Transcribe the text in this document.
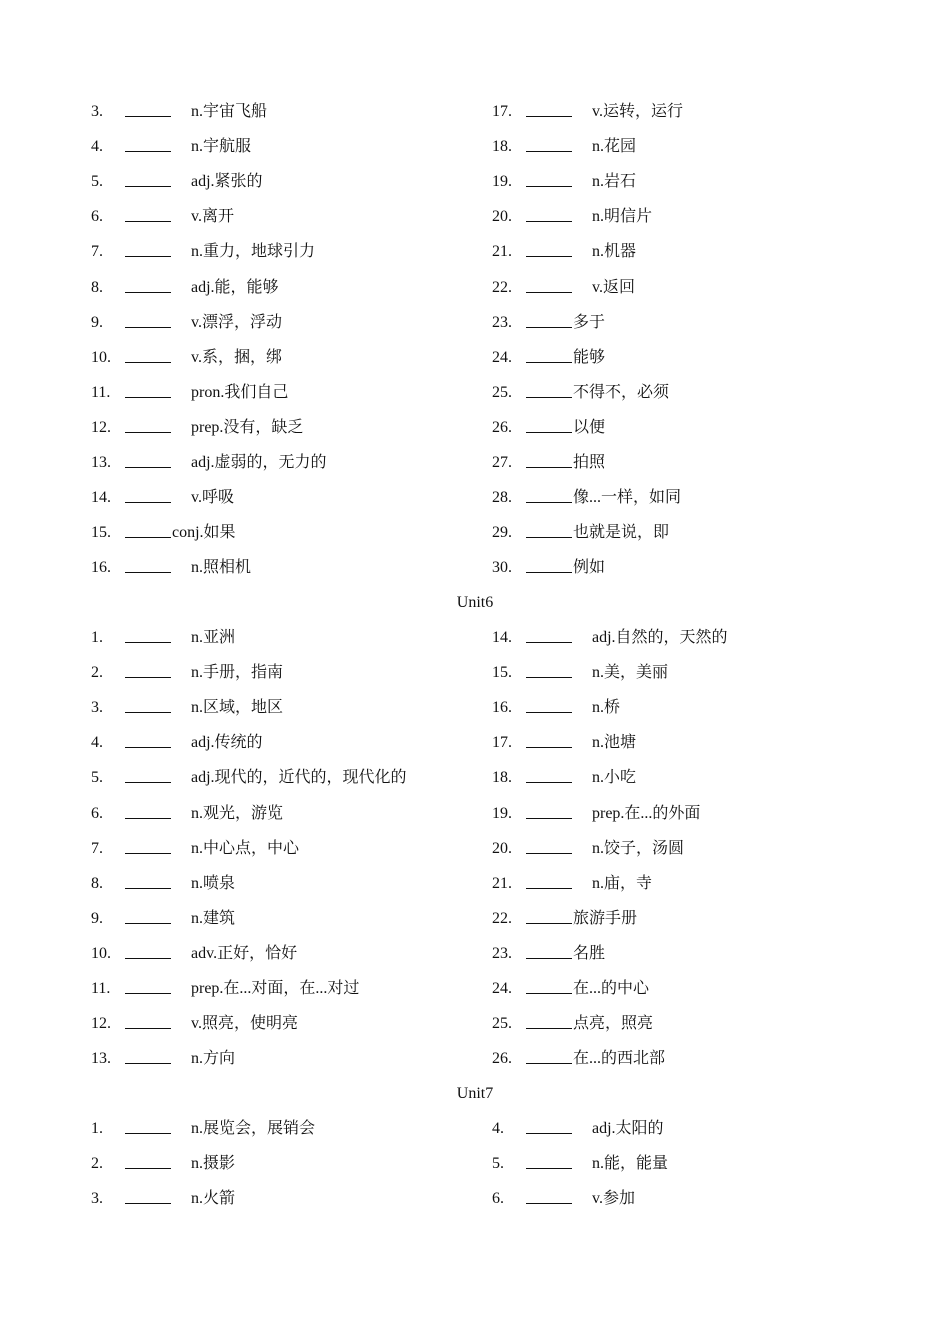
3.	n.宇宙飞船
4.	n.宇航服
5.	adj.紧张的
6.	v.离开
7.	n.重力，地球引力
8.	adj.能，能够
9.	v.漂浮，浮动
10.	v.系，捆，绑
11.	pron.我们自己
12.	prep.没有，缺乏
13.	adj.虚弱的，无力的
14.	v.呼吸
15.	conj.如果
16.	n.照相机
17.	v.运转，运行
18.	n.花园
19.	n.岩石
20.	n.明信片
21.	n.机器
22.	v.返回
23.	多于
24.	能够
25.	不得不，必须
26.	以便
27.	拍照
28.	像...一样，如同
29.	也就是说，即
30.	例如
Unit6
1.	n.亚洲
2.	n.手册，指南
3.	n.区域，地区
4.	adj.传统的
5.	adj.现代的，近代的，现代化的
6.	n.观光，游览
7.	n.中心点，中心
8.	n.喷泉
9.	n.建筑
10.	adv.正好，恰好
11.	prep.在...对面，在...对过
12.	v.照亮，使明亮
13.	n.方向
14.	adj.自然的，天然的
15.	n.美，美丽
16.	n.桥
17.	n.池塘
18.	n.小吃
19.	prep.在...的外面
20.	n.饺子，汤圆
21.	n.庙，寺
22.	旅游手册
23.	名胜
24.	在...的中心
25.	点亮，照亮
26.	在...的西北部
Unit7
1.	n.展览会，展销会
2.	n.摄影
3.	n.火箭
4.	adj.太阳的
5.	n.能，能量
6.	v.参加
